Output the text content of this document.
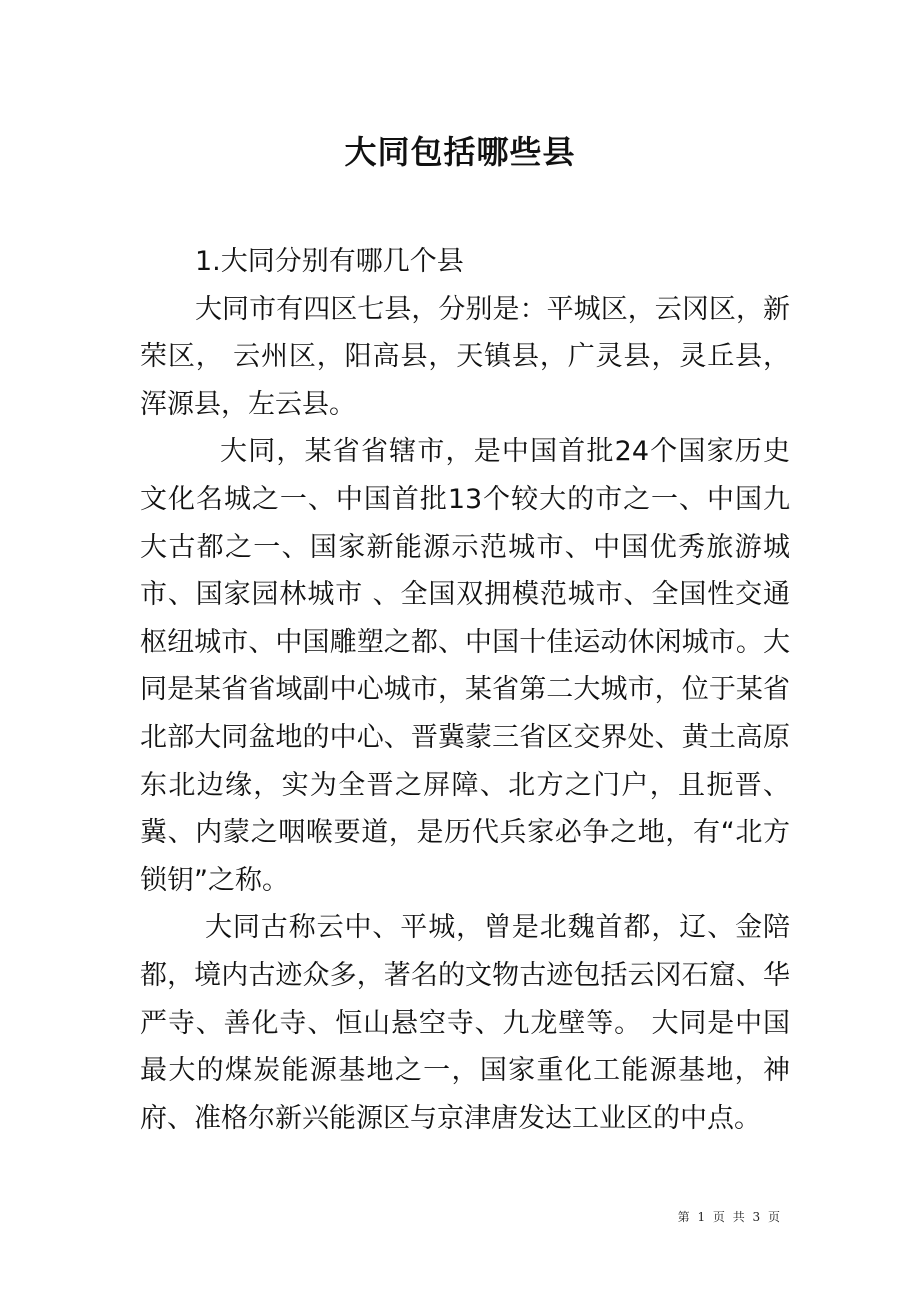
大同包括哪些县

1.大同分别有哪几个县

大同市有四区七县，分别是：平城区，云冈区，新荣区， 云州区，阳高县，天镇县，广灵县，灵丘县，浑源县，左云县。

大同，某省省辖市，是中国首批24个国家历史文化名城之一、中国首批13个较大的市之一、中国九大古都之一、国家新能源示范城市、中国优秀旅游城市、国家园林城市 、全国双拥模范城市、全国性交通枢纽城市、中国雕塑之都、中国十佳运动休闲城市。大同是某省省域副中心城市，某省第二大城市，位于某省北部大同盆地的中心、晋冀蒙三省区交界处、黄土高原东北边缘，实为全晋之屏障、北方之门户，且扼晋、冀、内蒙之咽喉要道，是历代兵家必争之地，有“北方锁钥”之称。

大同古称云中、平城，曾是北魏首都，辽、金陪都，境内古迹众多，著名的文物古迹包括云冈石窟、华严寺、善化寺、恒山悬空寺、九龙壁等。 大同是中国最大的煤炭能源基地之一，国家重化工能源基地，神府、准格尔新兴能源区与京津唐发达工业区的中点。

第 1 页 共 3 页
